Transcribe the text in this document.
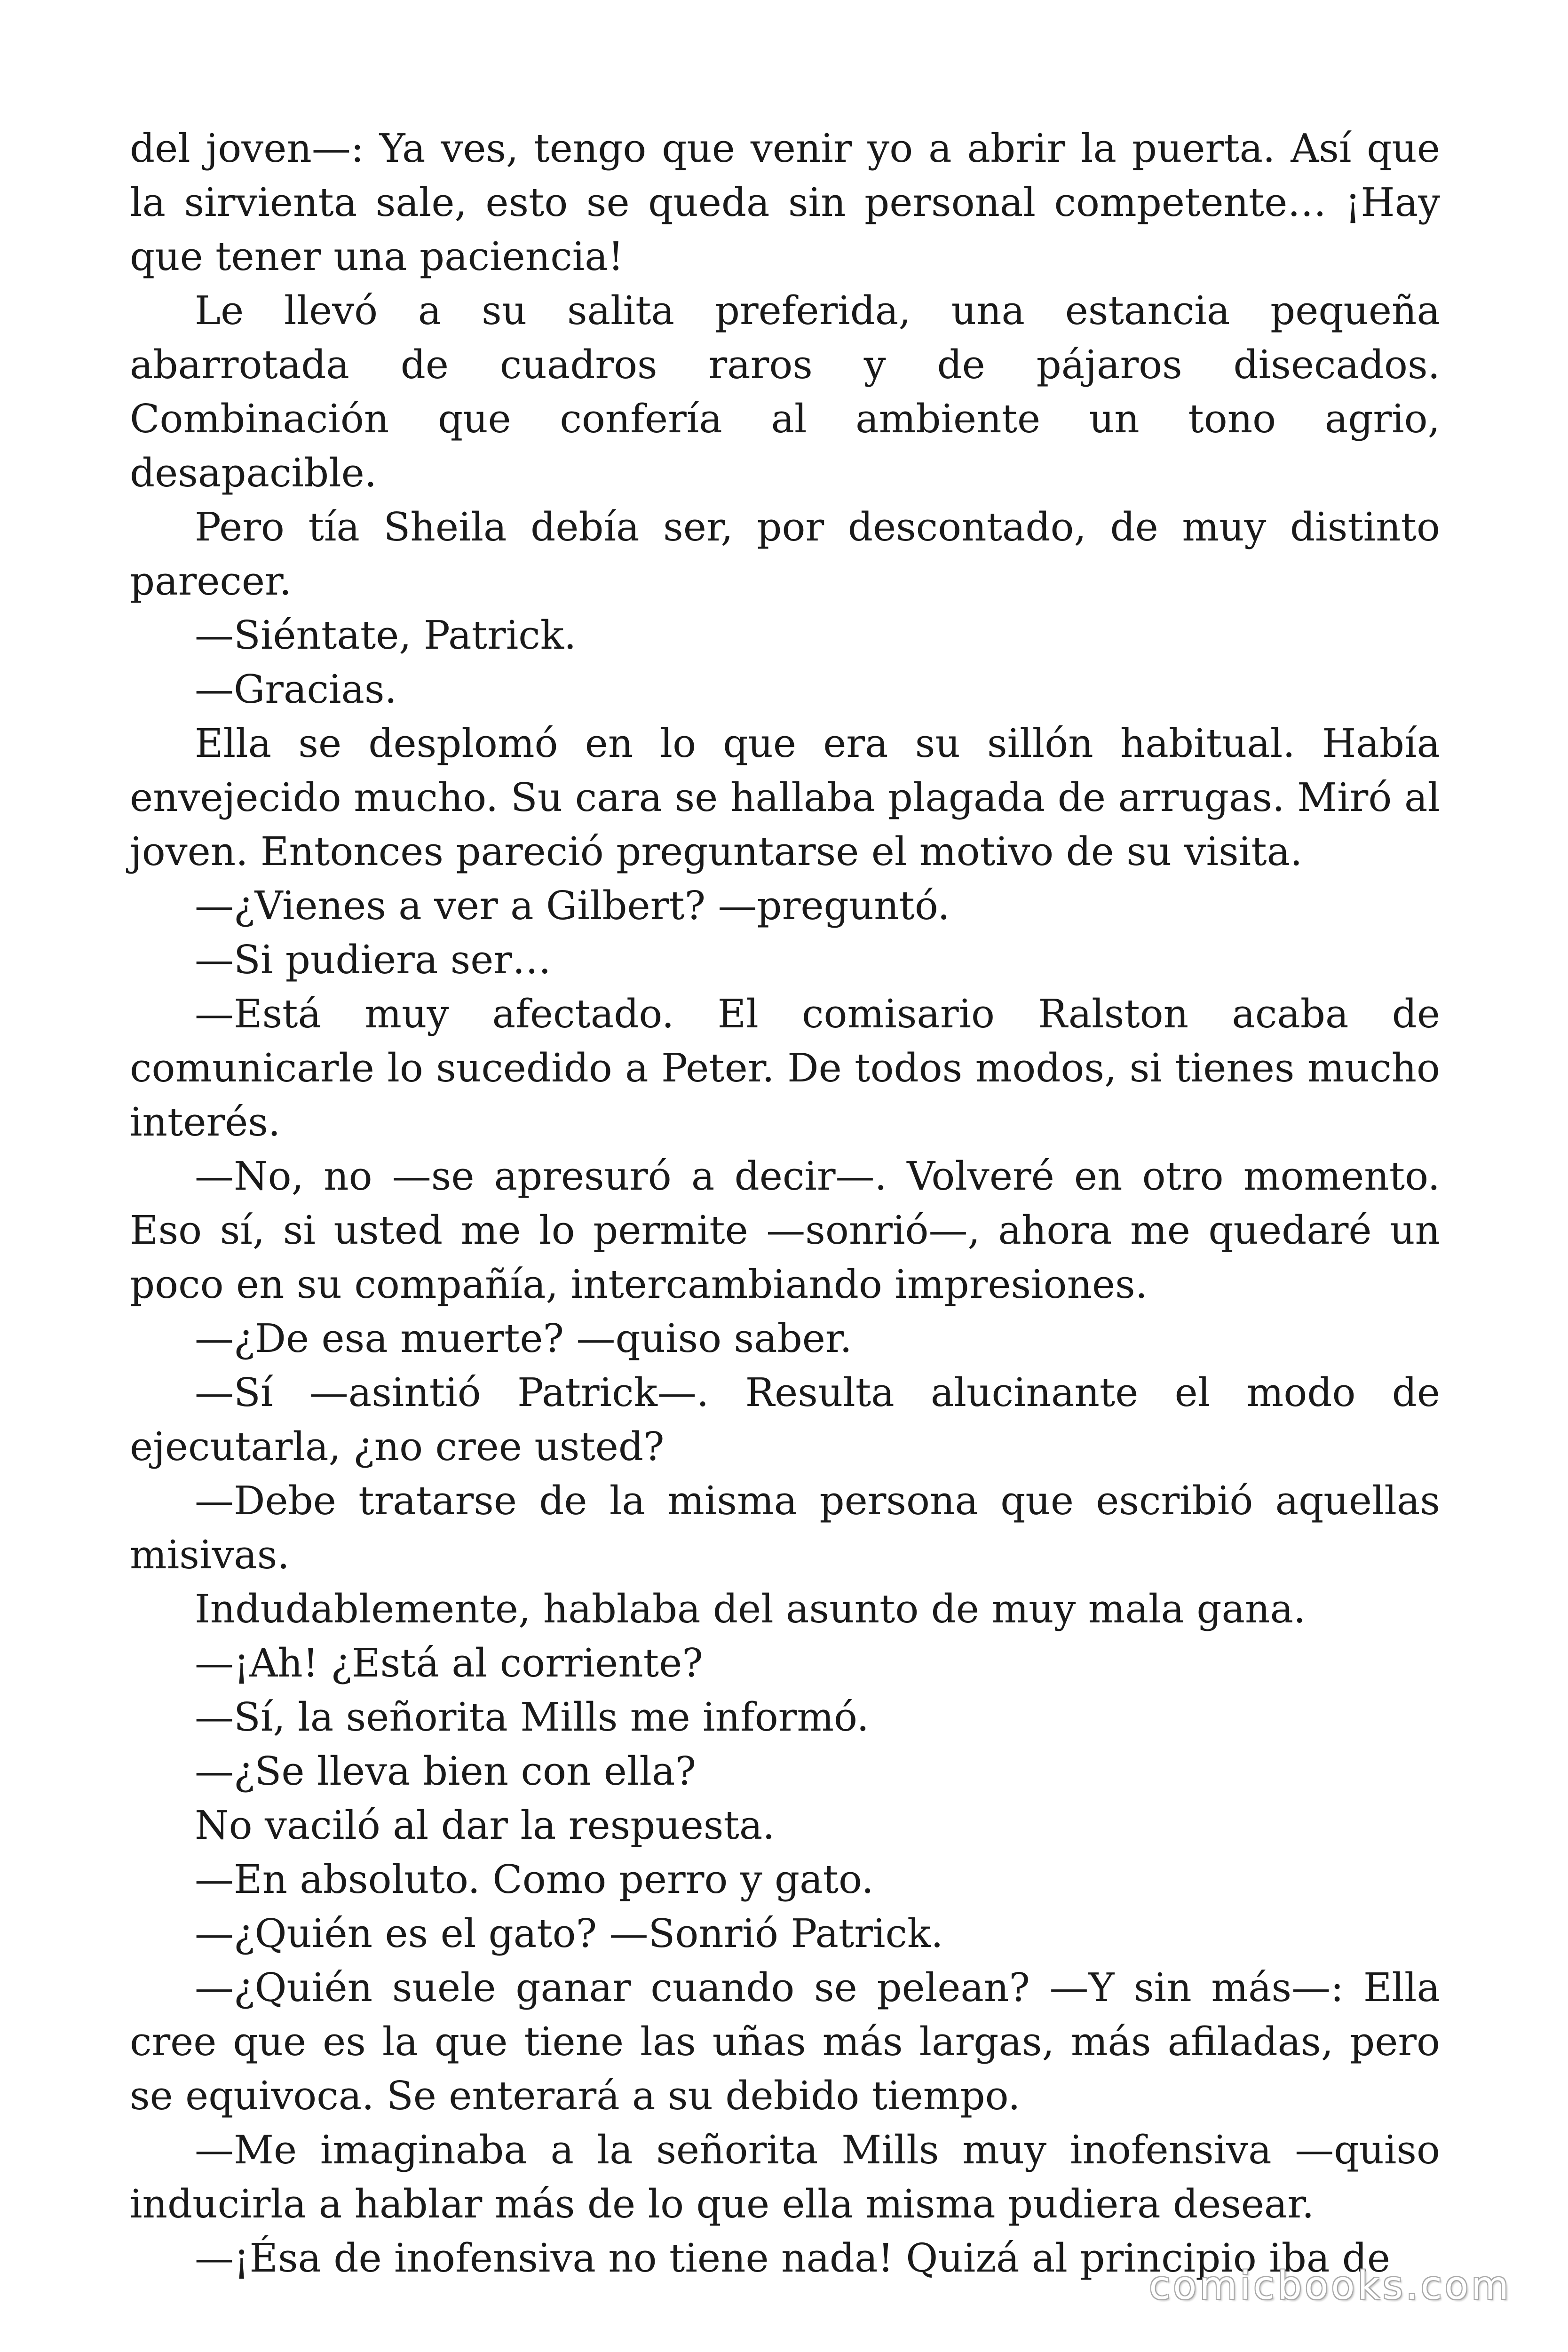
del joven—: Ya ves, tengo que venir yo a abrir la puerta. Así que la sirvienta sale, esto se queda sin personal competente… ¡Hay que tener una paciencia!

Le llevó a su salita preferida, una estancia pequeña abarrotada de cuadros raros y de pájaros disecados. Combinación que confería al ambiente un tono agrio, desapacible.

Pero tía Sheila debía ser, por descontado, de muy distinto parecer.

—Siéntate, Patrick.

—Gracias.

Ella se desplomó en lo que era su sillón habitual. Había envejecido mucho. Su cara se hallaba plagada de arrugas. Miró al joven. Entonces pareció preguntarse el motivo de su visita.

—¿Vienes a ver a Gilbert? —preguntó.

—Si pudiera ser…

—Está muy afectado. El comisario Ralston acaba de comunicarle lo sucedido a Peter. De todos modos, si tienes mucho interés.

—No, no —se apresuró a decir—. Volveré en otro momento. Eso sí, si usted me lo permite —sonrió—, ahora me quedaré un poco en su compañía, intercambiando impresiones.

—¿De esa muerte? —quiso saber.

—Sí —asintió Patrick—. Resulta alucinante el modo de ejecutarla, ¿no cree usted?

—Debe tratarse de la misma persona que escribió aquellas misivas.

Indudablemente, hablaba del asunto de muy mala gana.

—¡Ah! ¿Está al corriente?

—Sí, la señorita Mills me informó.

—¿Se lleva bien con ella?

No vaciló al dar la respuesta.

—En absoluto. Como perro y gato.

—¿Quién es el gato? —Sonrió Patrick.

—¿Quién suele ganar cuando se pelean? —Y sin más—: Ella cree que es la que tiene las uñas más largas, más afiladas, pero se equivoca. Se enterará a su debido tiempo.

—Me imaginaba a la señorita Mills muy inofensiva —quiso inducirla a hablar más de lo que ella misma pudiera desear.

—¡Ésa de inofensiva no tiene nada! Quizá al principio iba de

comicbooks.com
